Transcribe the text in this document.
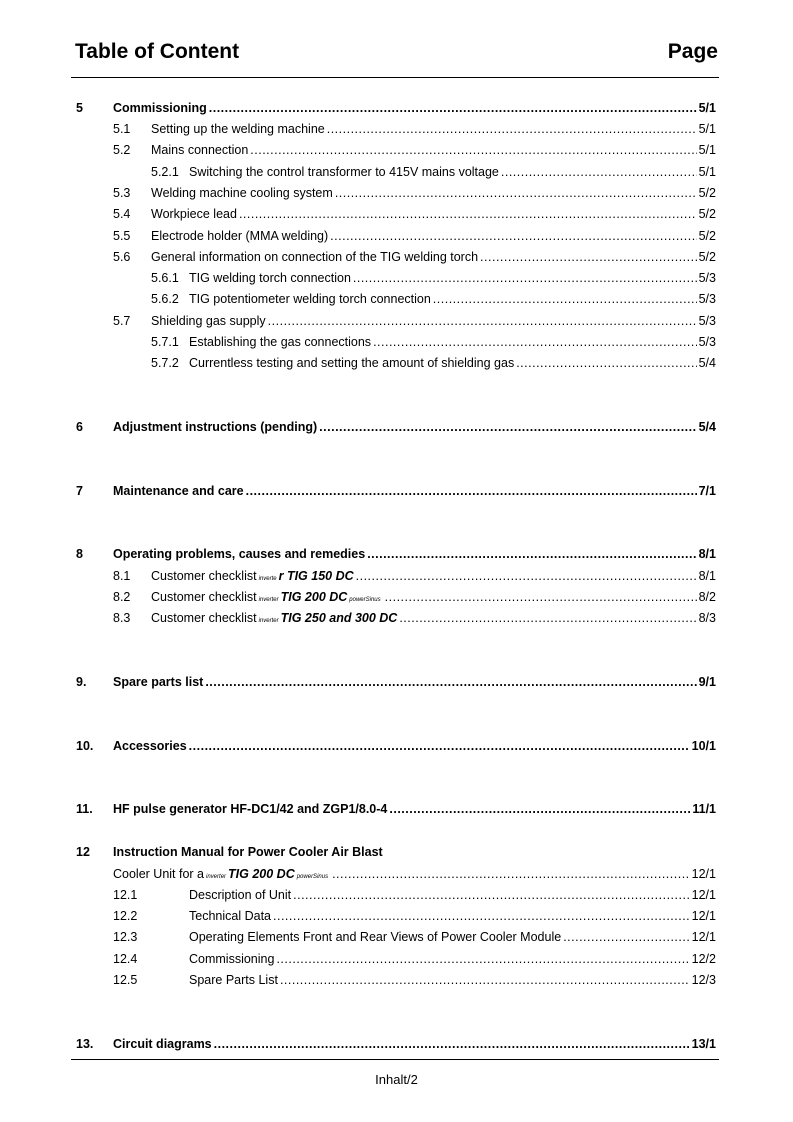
Table of Content	Page
5 Commissioning .....	5/1
5.1 Setting up the welding machine .....	5/1
5.2 Mains connection .....	5/1
5.2.1 Switching the control transformer to 415V mains voltage .....	5/1
5.3 Welding machine cooling system .....	5/2
5.4 Workpiece lead .....	5/2
5.5 Electrode holder (MMA welding) .....	5/2
5.6 General information on connection of the TIG welding torch .....	5/2
5.6.1 TIG welding torch connection .....	5/3
5.6.2 TIG potentiometer welding torch connection .....	5/3
5.7 Shielding gas supply .....	5/3
5.7.1 Establishing the gas connections .....	5/3
5.7.2 Currentless testing and setting the amount of shielding gas .....	5/4
6 Adjustment instructions (pending) .....	5/4
7 Maintenance and care .....	7/1
8 Operating problems, causes and remedies .....	8/1
8.1 Customer checklist inverte r TIG 150 DC .....	8/1
8.2 Customer checklist inverter TIG 200 DC powerSinus .....	8/2
8.3 Customer checklist inverter TIG 250 and 300 DC .....	8/3
9. Spare parts list .....	9/1
10. Accessories .....	10/1
11. HF pulse generator HF-DC1/42 and ZGP1/8.0-4 .....	11/1
12 Instruction Manual for Power Cooler Air Blast
Cooler Unit for a inverter TIG 200 DC powerSinus .....	12/1
12.1	Description of Unit .....	12/1
12.2	Technical Data .....	12/1
12.3	Operating Elements Front and Rear Views of Power Cooler Module .....	12/1
12.4	Commissioning .....	12/2
12.5	Spare Parts List .....	12/3
13. Circuit diagrams .....	13/1
Inhalt/2
